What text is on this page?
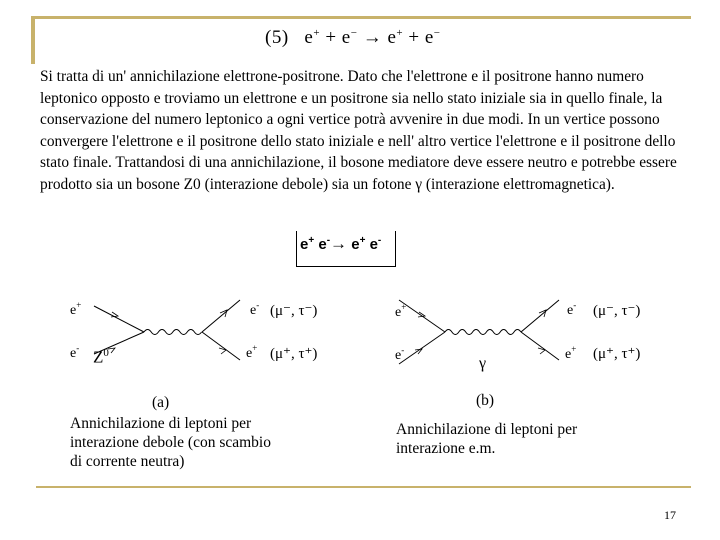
(5) e+ + e− → e+ + e−

Si tratta di un' annichilazione elettrone-positrone. Dato che l'elettrone e il positrone hanno numero leptonico opposto e troviamo un elettrone e un positrone sia nello stato iniziale sia in quello finale, la conservazione del numero leptonico a ogni vertice potrà avvenire in due modi. In un vertice possono convergere l'elettrone e il positrone dello stato iniziale e nell' altro vertice l'elettrone e il positrone dello stato finale. Trattandosi di una annichilazione, il bosone mediatore deve essere neutro e potrebbe essere prodotto sia un bosone Z0 (interazione debole) sia un fotone γ (interazione elettromagnetica).

e+ e-→ e+ e-
e+
e-
e-
e+
(μ⁻, τ⁻)
(μ⁺, τ⁺)
$Z^0$
e+
e-
e-
e+
(μ⁻, τ⁻)
(μ⁺, τ⁺)
γ
(a)
Annichilazione di leptoni per
interazione debole (con scambio
di corrente neutra)
(b)
Annichilazione di leptoni per
interazione e.m.
17
